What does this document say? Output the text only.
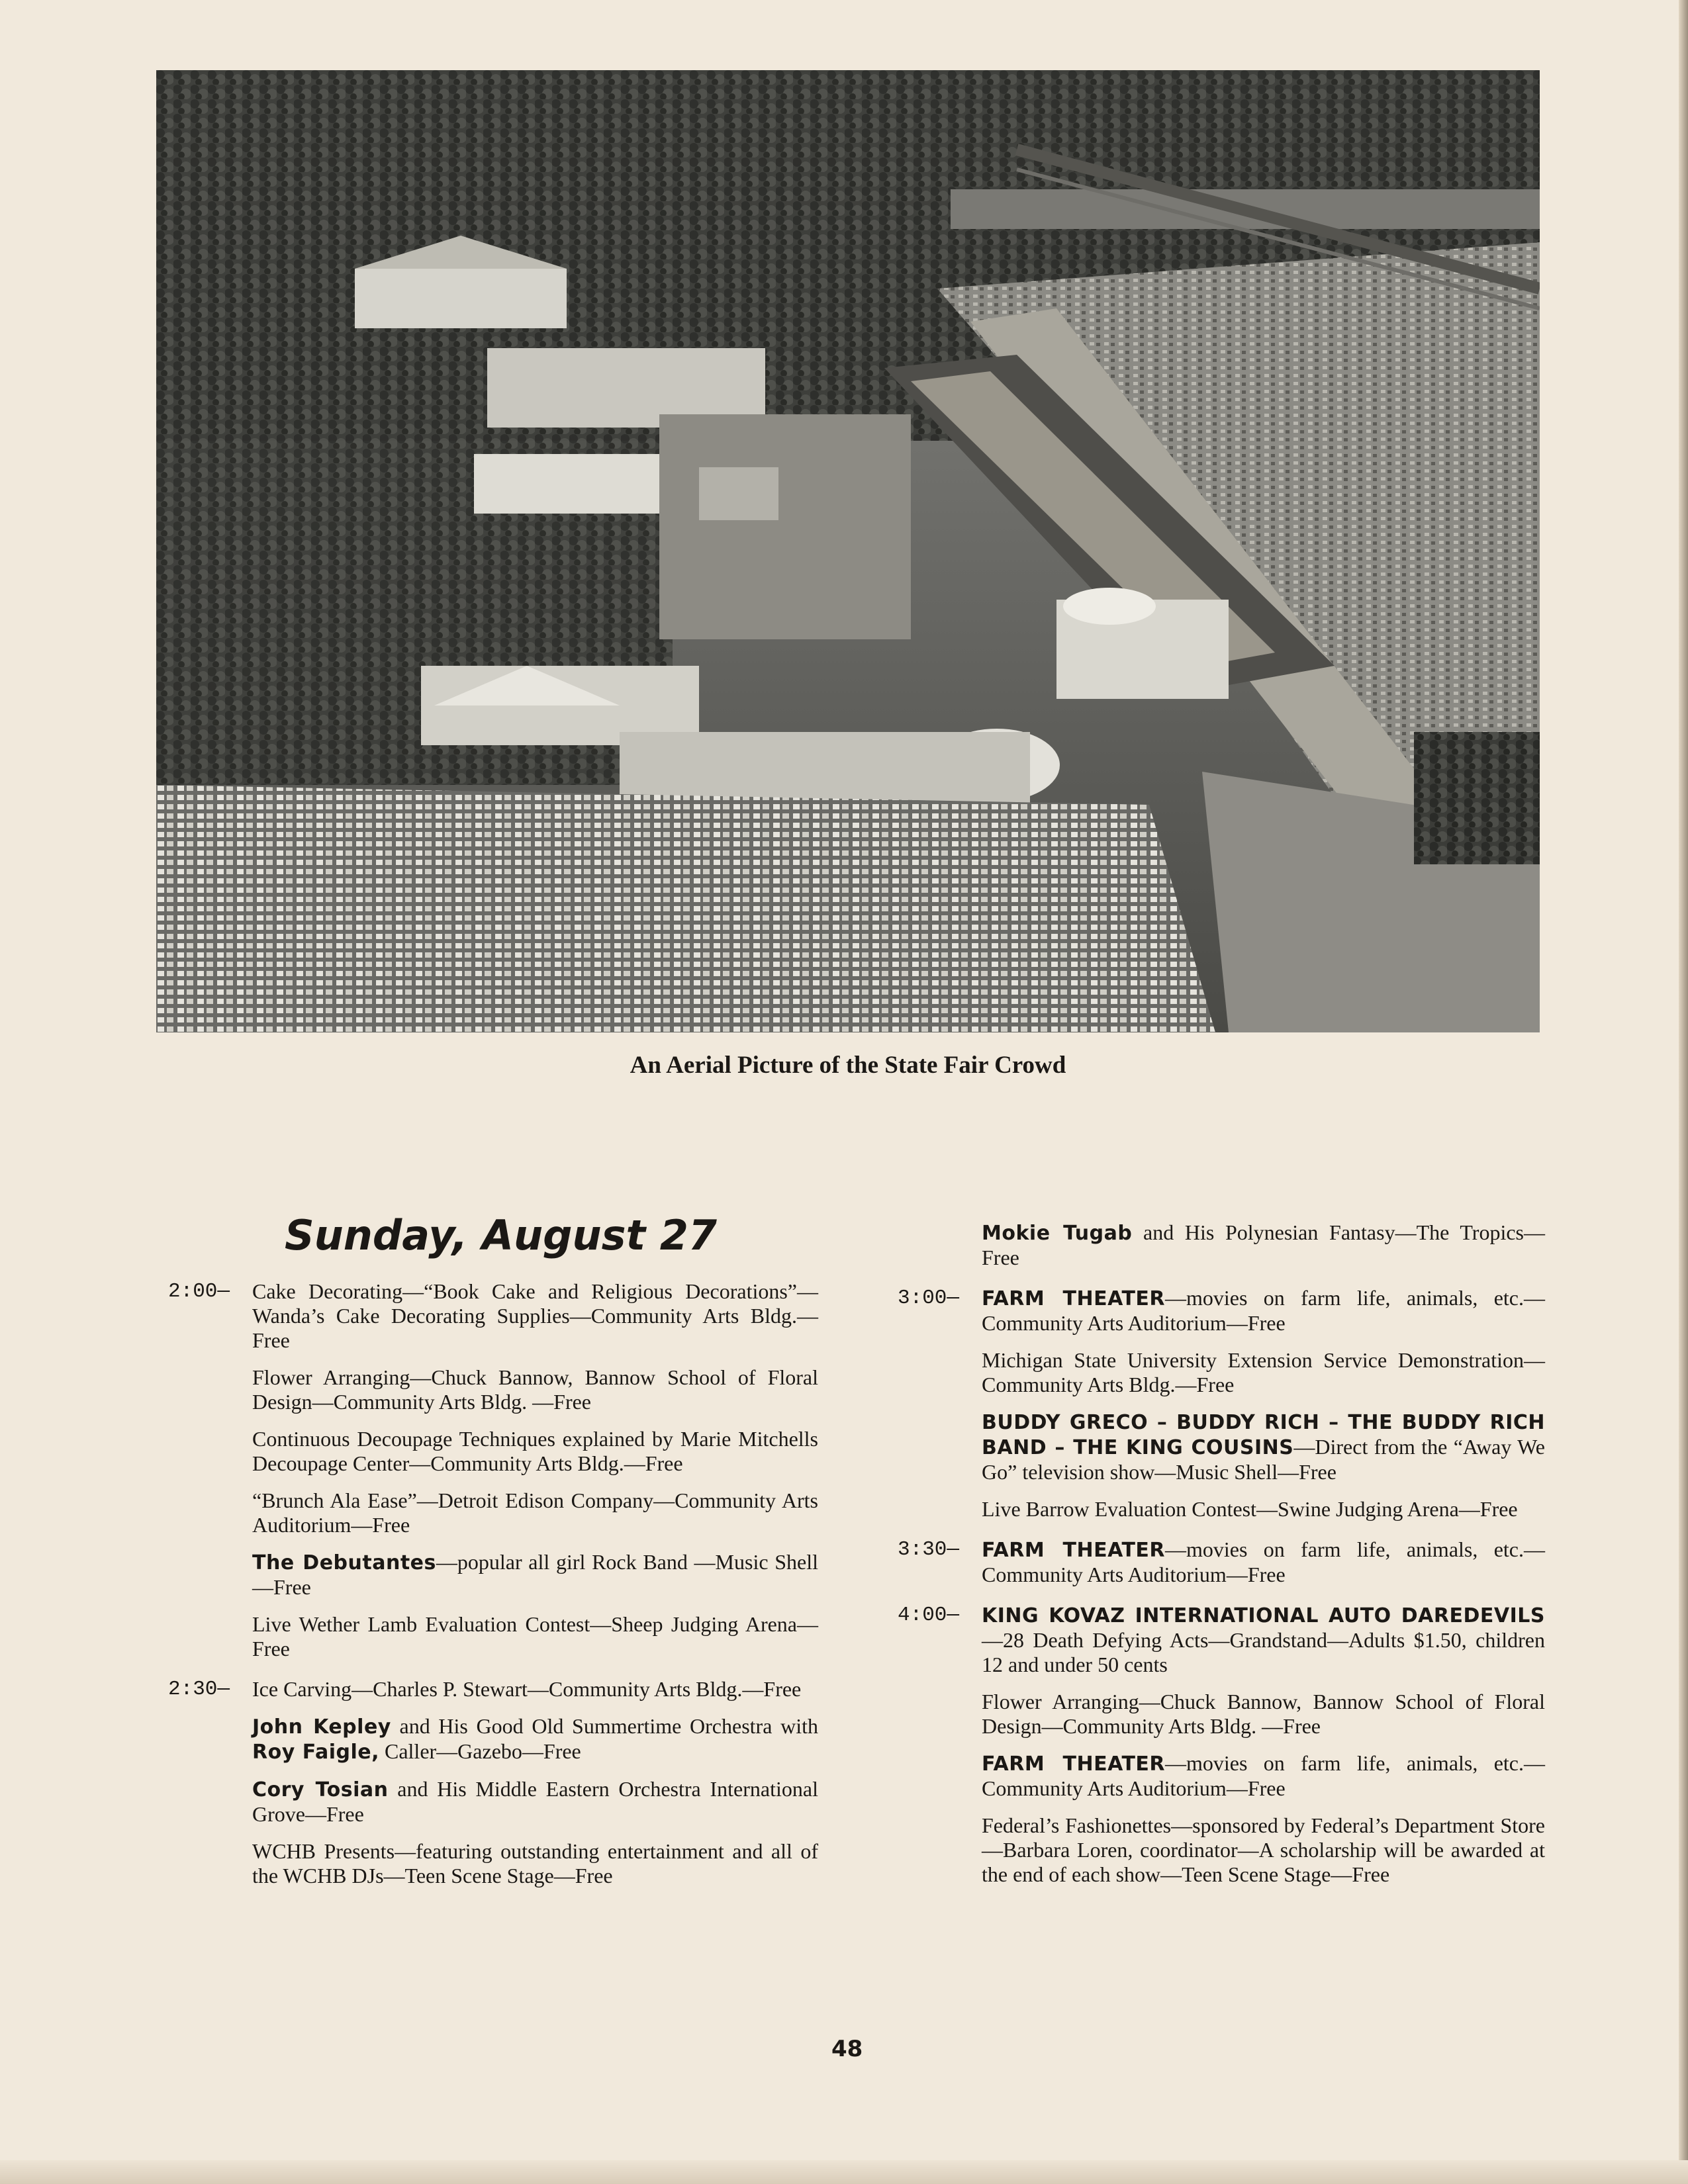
An Aerial Picture of the State Fair Crowd
Sunday, August 27
2:00— Cake Decorating—“Book Cake and Religious Decorations”—Wanda’s Cake Decorating Supplies—Community Arts Bldg.—Free
Flower Arranging—Chuck Bannow, Bannow School of Floral Design—Community Arts Bldg. —Free
Continuous Decoupage Techniques explained by Marie Mitchells Decoupage Center—Community Arts Bldg.—Free
“Brunch Ala Ease”—Detroit Edison Company—Community Arts Auditorium—Free
The Debutantes—popular all girl Rock Band —Music Shell—Free
Live Wether Lamb Evaluation Contest—Sheep Judging Arena—Free
2:30— Ice Carving—Charles P. Stewart—Community Arts Bldg.—Free
John Kepley and His Good Old Summertime Orchestra with Roy Faigle, Caller—Gazebo—Free
Cory Tosian and His Middle Eastern Orchestra International Grove—Free
WCHB Presents—featuring outstanding entertainment and all of the WCHB DJs—Teen Scene Stage—Free
Mokie Tugab and His Polynesian Fantasy—The Tropics—Free
3:00— FARM THEATER—movies on farm life, animals, etc.—Community Arts Auditorium—Free
Michigan State University Extension Service Demonstration—Community Arts Bldg.—Free
BUDDY GRECO – BUDDY RICH – THE BUDDY RICH BAND – THE KING COUSINS—Direct from the “Away We Go” television show—Music Shell—Free
Live Barrow Evaluation Contest—Swine Judging Arena—Free
3:30— FARM THEATER—movies on farm life, animals, etc.—Community Arts Auditorium—Free
4:00— KING KOVAZ INTERNATIONAL AUTO DAREDEVILS—28 Death Defying Acts—Grandstand—Adults $1.50, children 12 and under 50 cents
Flower Arranging—Chuck Bannow, Bannow School of Floral Design—Community Arts Bldg. —Free
FARM THEATER—movies on farm life, animals, etc.—Community Arts Auditorium—Free
Federal’s Fashionettes—sponsored by Federal’s Department Store—Barbara Loren, coordinator—A scholarship will be awarded at the end of each show—Teen Scene Stage—Free
48
